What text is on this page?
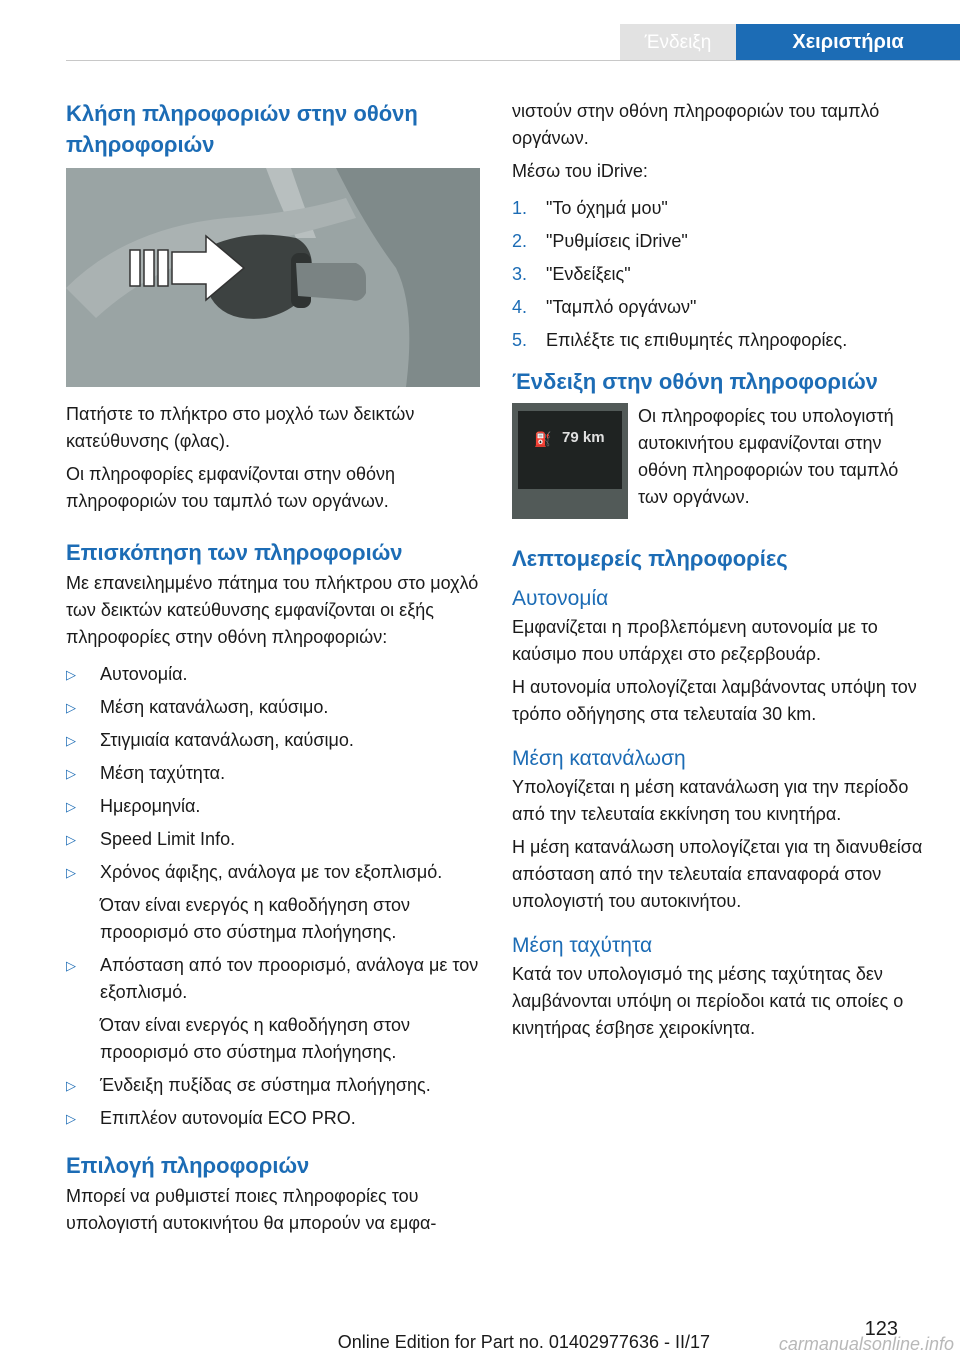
Ένδειξη	Χειριστήρια
Κλήση πληροφοριών στην οθόνη πληροφοριών

Πατήστε το πλήκτρο στο μοχλό των δεικτών κατεύθυνσης (φλας).

Οι πληροφορίες εμφανίζονται στην οθόνη πληροφοριών του ταμπλό των οργάνων.

Επισκόπηση των πληροφοριών

Με επανειλημμένο πάτημα του πλήκτρου στο μοχλό των δεικτών κατεύθυνσης εμφανίζονται οι εξής πληροφορίες στην οθόνη πληροφοριών:

▷ Αυτονομία.
▷ Μέση κατανάλωση, καύσιμο.
▷ Στιγμιαία κατανάλωση, καύσιμο.
▷ Μέση ταχύτητα.
▷ Ημερομηνία.
▷ Speed Limit Info.
▷ Χρόνος άφιξης, ανάλογα με τον εξοπλισμό.
Όταν είναι ενεργός η καθοδήγηση στον προορισμό στο σύστημα πλοήγησης.
▷ Απόσταση από τον προορισμό, ανάλογα με τον εξοπλισμό.
Όταν είναι ενεργός η καθοδήγηση στον προορισμό στο σύστημα πλοήγησης.
▷ Ένδειξη πυξίδας σε σύστημα πλοήγησης.
▷ Επιπλέον αυτονομία ECO PRO.
Επιλογή πληροφοριών

Μπορεί να ρυθμιστεί ποιες πληροφορίες του υπολογιστή αυτοκινήτου θα μπορούν να εμφα-

νιστούν στην οθόνη πληροφοριών του ταμπλό οργάνων.

Μέσω του iDrive:

1. "Το όχημά μου"
2. "Ρυθμίσεις iDrive"
3. "Ενδείξεις"
4. "Ταμπλό οργάνων"
5. Επιλέξτε τις επιθυμητές πληροφορίες.
Ένδειξη στην οθόνη πληροφοριών
⛽ 79 km
Οι πληροφορίες του υπολογιστή αυτοκινήτου εμφανίζονται στην οθόνη πληροφοριών του ταμπλό των οργάνων.
Λεπτομερείς πληροφορίες
Αυτονομία

Εμφανίζεται η προβλεπόμενη αυτονομία με το καύσιμο που υπάρχει στο ρεζερβουάρ.

Η αυτονομία υπολογίζεται λαμβάνοντας υπόψη τον τρόπο οδήγησης στα τελευταία 30 km.

Μέση κατανάλωση

Υπολογίζεται η μέση κατανάλωση για την περίοδο από την τελευταία εκκίνηση του κινητήρα.

Η μέση κατανάλωση υπολογίζεται για τη διανυθείσα απόσταση από την τελευταία επαναφορά στον υπολογιστή του αυτοκινήτου.

Μέση ταχύτητα

Κατά τον υπολογισμό της μέσης ταχύτητας δεν λαμβάνονται υπόψη οι περίοδοι κατά τις οποίες ο κινητήρας έσβησε χειροκίνητα.

123
Online Edition for Part no. 01402977636 - II/17	carmanualsonline.info
